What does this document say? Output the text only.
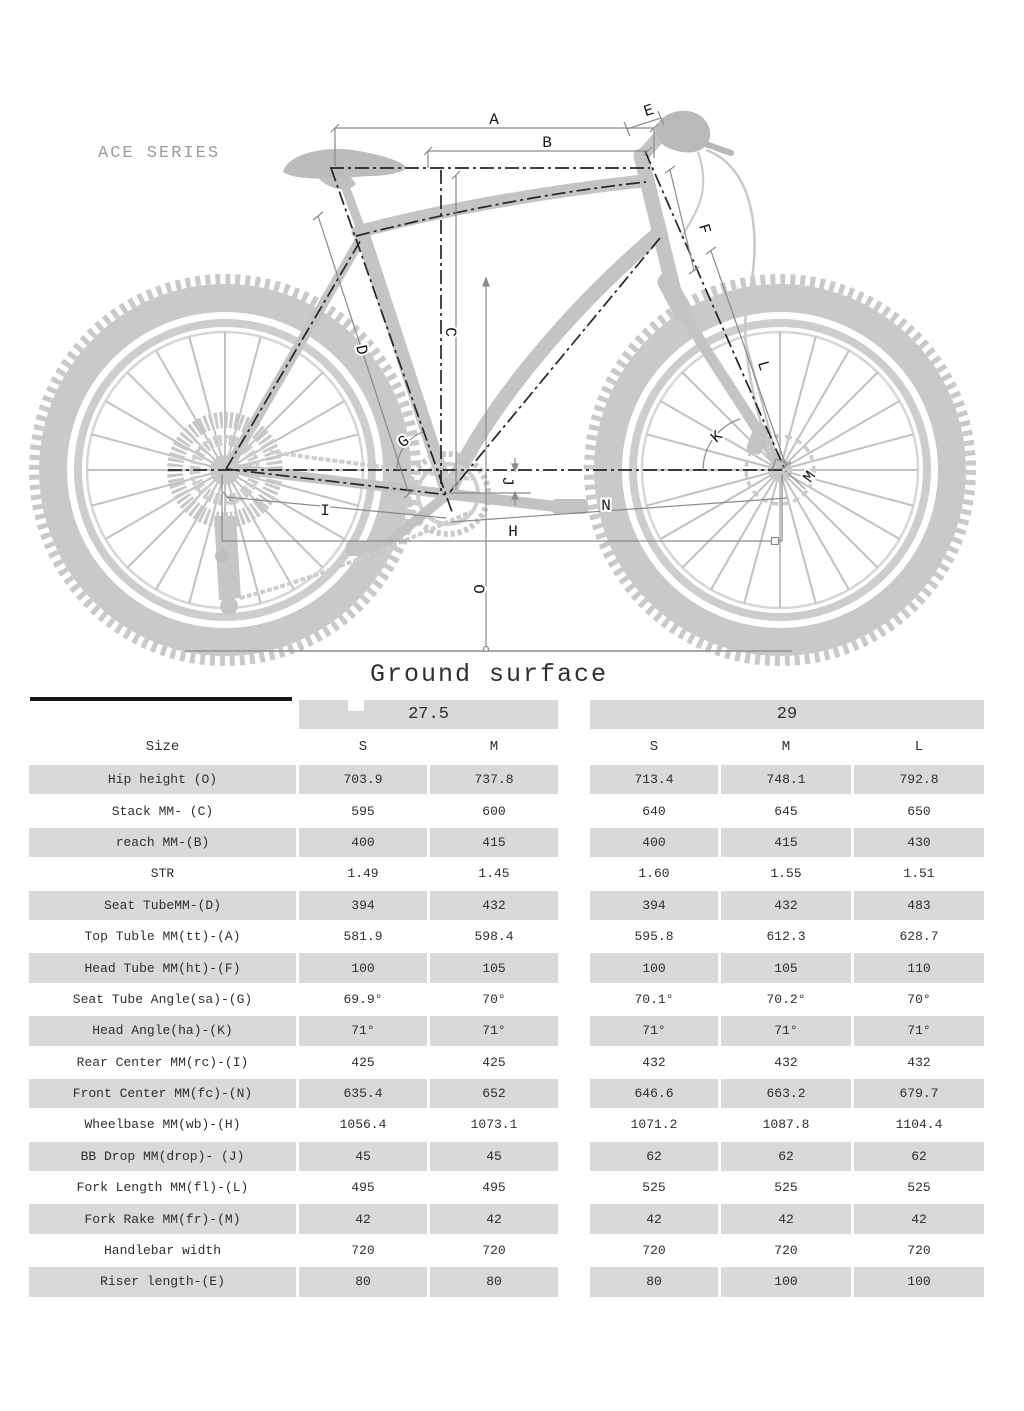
A
B
C
D
E
F
G
H
I
J
K
L
M
N
O
ACE SERIES
Ground surface
27.5	29
Size	S	M	S	M	L
Hip height (O)	703.9	737.8	713.4	748.1	792.8
Stack MM- (C)	595	600	640	645	650
reach MM-(B)	400	415	400	415	430
STR	1.49	1.45	1.60	1.55	1.51
Seat TubeMM-(D)	394	432	394	432	483
Top Tuble MM(tt)-(A)	581.9	598.4	595.8	612.3	628.7
Head Tube MM(ht)-(F)	100	105	100	105	110
Seat Tube Angle(sa)-(G)	69.9°	70°	70.1°	70.2°	70°
Head Angle(ha)-(K)	71°	71°	71°	71°	71°
Rear Center MM(rc)-(I)	425	425	432	432	432
Front Center MM(fc)-(N)	635.4	652	646.6	663.2	679.7
Wheelbase MM(wb)-(H)	1056.4	1073.1	1071.2	1087.8	1104.4
BB Drop MM(drop)- (J)	45	45	62	62	62
Fork Length MM(fl)-(L)	495	495	525	525	525
Fork Rake MM(fr)-(M)	42	42	42	42	42
Handlebar width	720	720	720	720	720
Riser length-(E)	80	80	80	100	100
